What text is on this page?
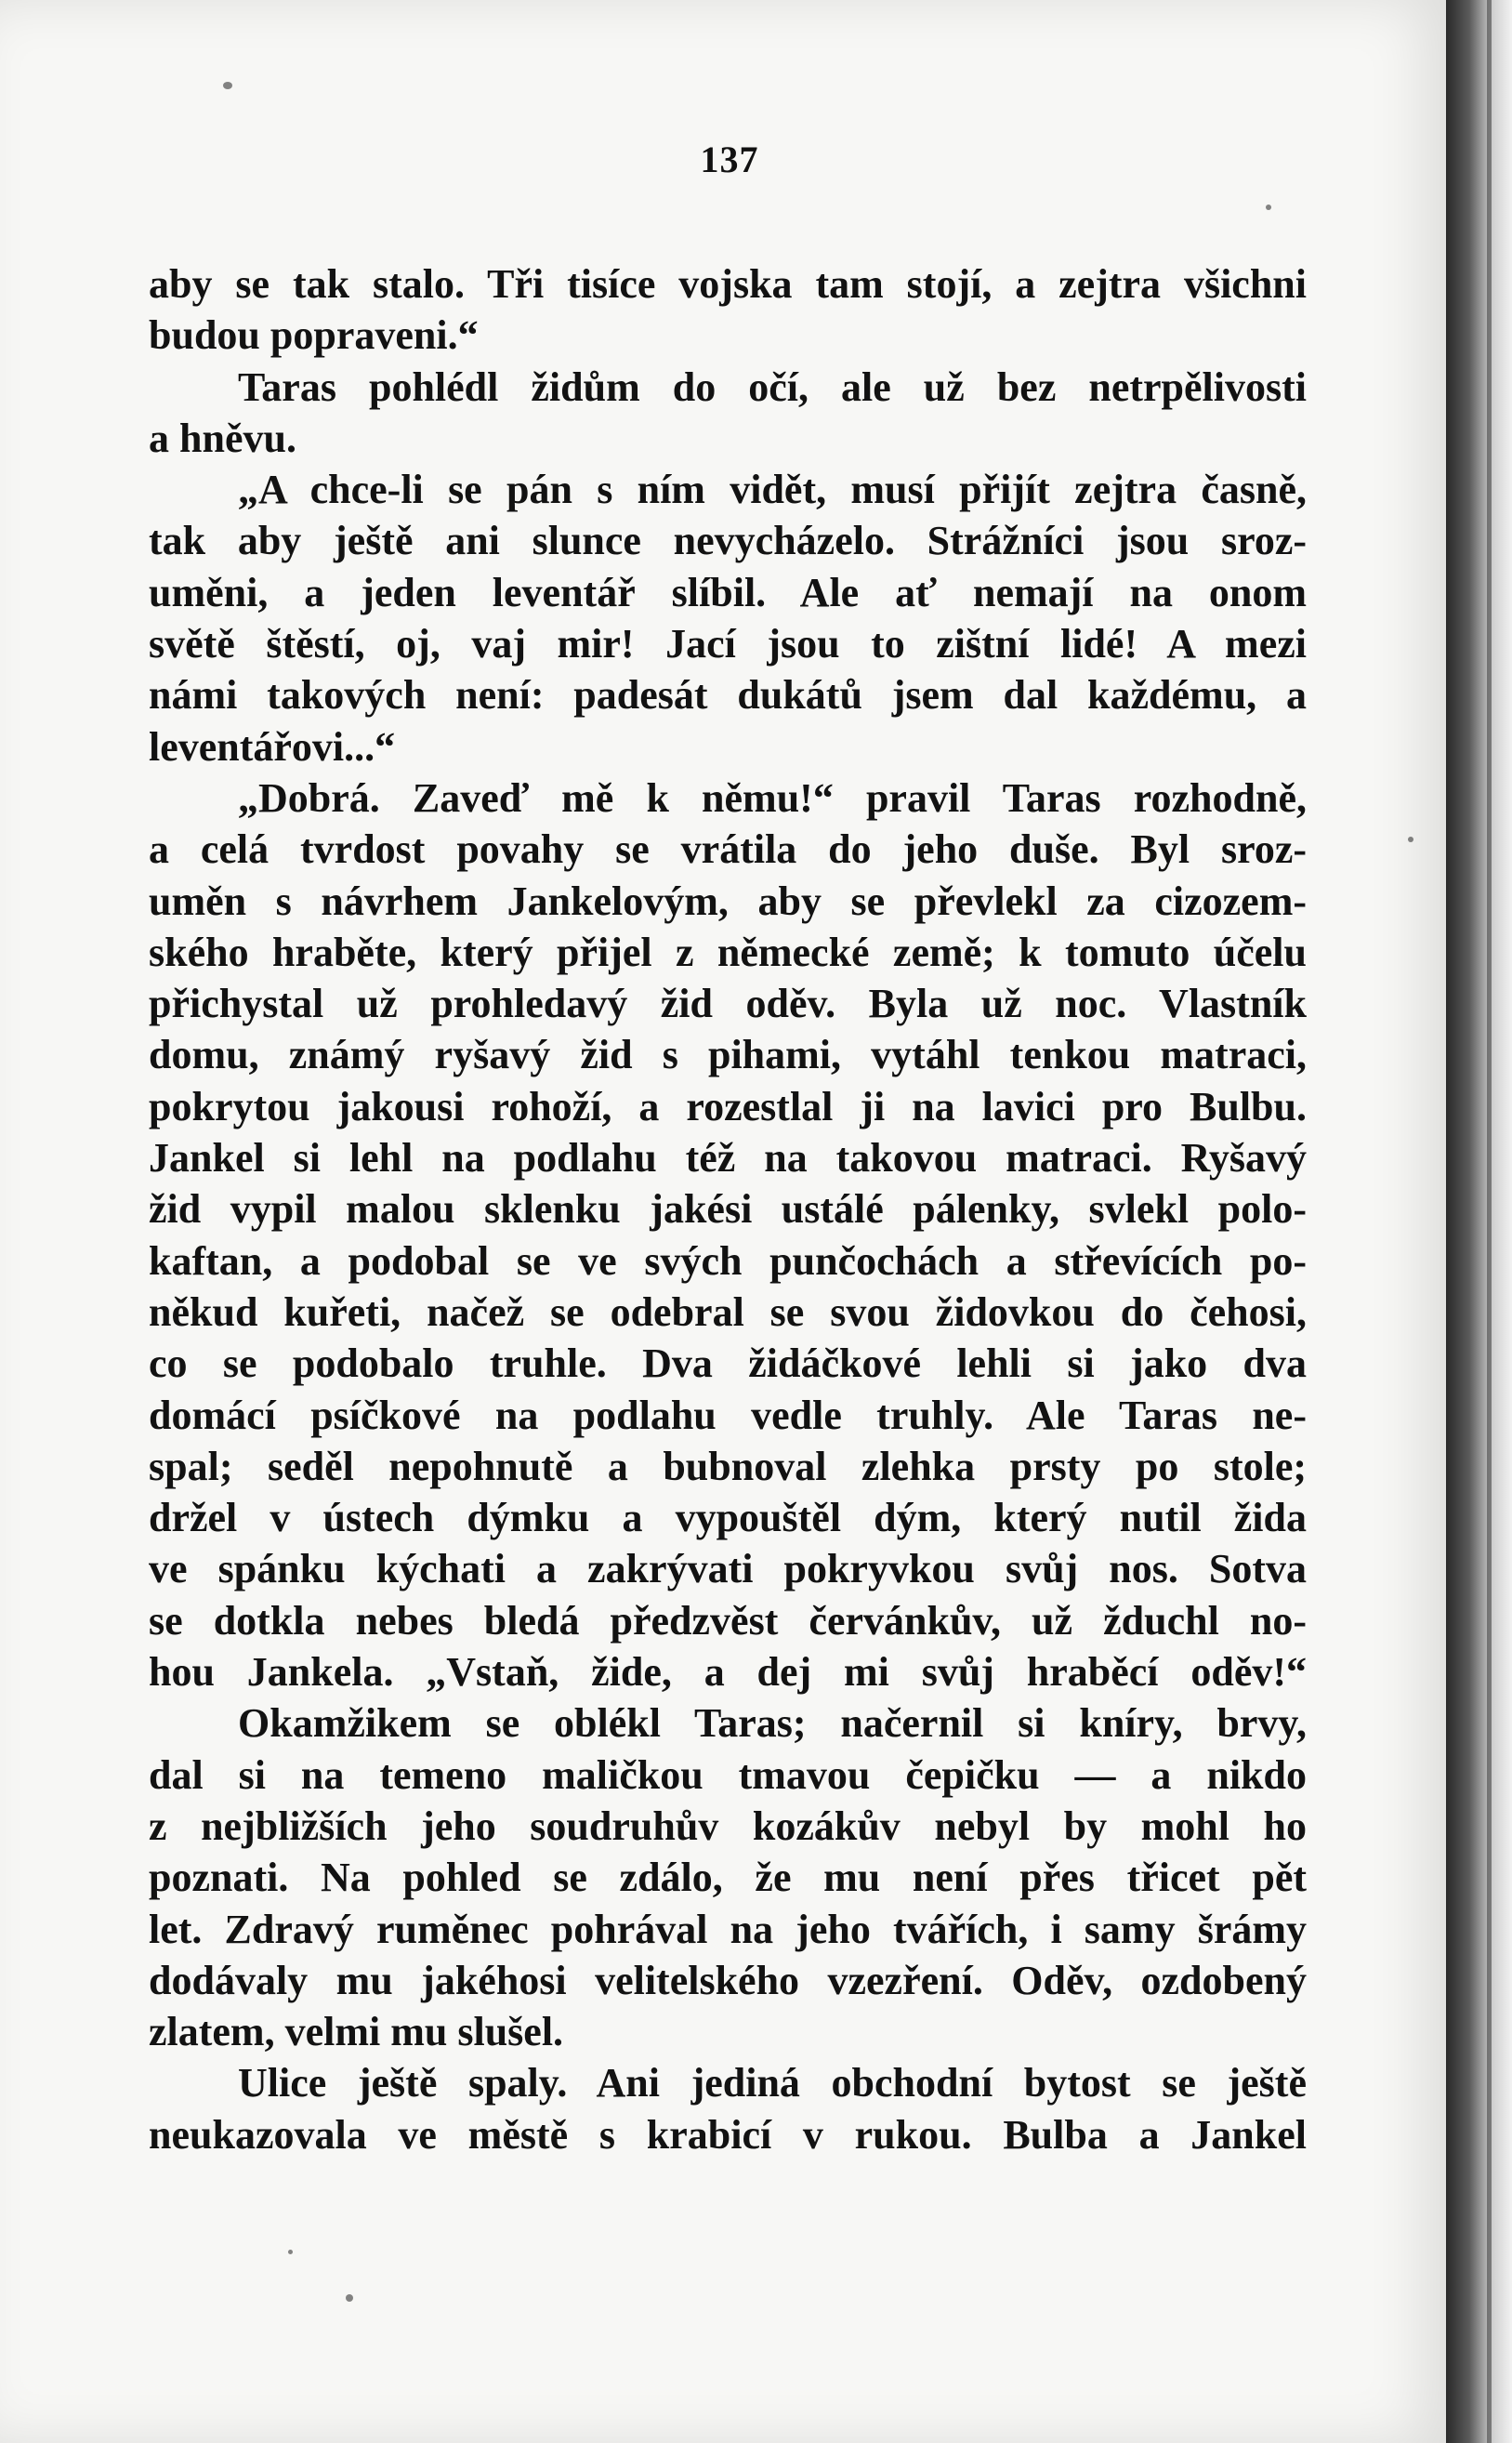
137
aby se tak stalo. Tři tisíce vojska tam stojí, a zejtra všichni
budou popraveni.“
Taras pohlédl židům do očí, ale už bez netrpělivosti
a hněvu.
„A chce-li se pán s ním vidět, musí přijít zejtra časně,
tak aby ještě ani slunce nevycházelo. Strážníci jsou sroz-
uměni, a jeden leventář slíbil. Ale ať nemají na onom
světě štěstí, oj, vaj mir! Jací jsou to zištní lidé! A mezi
námi takových není: padesát dukátů jsem dal každému, a
leventářovi...“
„Dobrá. Zaveď mě k němu!“ pravil Taras rozhodně,
a celá tvrdost povahy se vrátila do jeho duše. Byl sroz-
uměn s návrhem Jankelovým, aby se převlekl za cizozem-
ského hraběte, který přijel z německé země; k tomuto účelu
přichystal už prohledavý žid oděv. Byla už noc. Vlastník
domu, známý ryšavý žid s pihami, vytáhl tenkou matraci,
pokrytou jakousi rohoží, a rozestlal ji na lavici pro Bulbu.
Jankel si lehl na podlahu též na takovou matraci. Ryšavý
žid vypil malou sklenku jakési ustálé pálenky, svlekl polo-
kaftan, a podobal se ve svých punčochách a střevících po-
někud kuřeti, načež se odebral se svou židovkou do čehosi,
co se podobalo truhle. Dva židáčkové lehli si jako dva
domácí psíčkové na podlahu vedle truhly. Ale Taras ne-
spal; seděl nepohnutě a bubnoval zlehka prsty po stole;
držel v ústech dýmku a vypouštěl dým, který nutil žida
ve spánku kýchati a zakrývati pokryvkou svůj nos. Sotva
se dotkla nebes bledá předzvěst červánkův, už žduchl no-
hou Jankela. „Vstaň, žide, a dej mi svůj hraběcí oděv!“
Okamžikem se oblékl Taras; načernil si kníry, brvy,
dal si na temeno maličkou tmavou čepičku — a nikdo
z nejbližších jeho soudruhův kozákův nebyl by mohl ho
poznati. Na pohled se zdálo, že mu není přes třicet pět
let. Zdravý ruměnec pohrával na jeho tvářích, i samy šrámy
dodávaly mu jakéhosi velitelského vzezření. Oděv, ozdobený
zlatem, velmi mu slušel.
Ulice ještě spaly. Ani jediná obchodní bytost se ještě
neukazovala ve městě s krabicí v rukou. Bulba a Jankel
